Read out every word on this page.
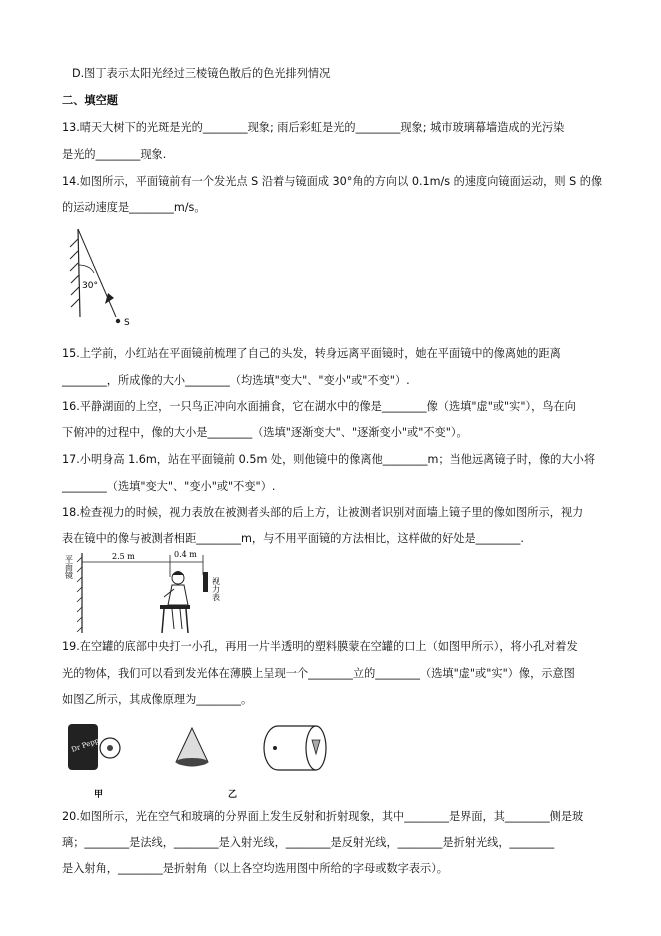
D.图丁表示太阳光经过三棱镜色散后的色光排列情况
二、填空题
13.晴天大树下的光斑是光的________现象; 雨后彩虹是光的________现象; 城市玻璃幕墙造成的光污染
是光的________现象.
14.如图所示，平面镜前有一个发光点 S 沿着与镜面成 30°角的方向以 0.1m/s 的速度向镜面运动，则 S 的像
的运动速度是________m/s。
30°
S
15.上学前，小红站在平面镜前梳理了自己的头发，转身远离平面镜时，她在平面镜中的像离她的距离
________，所成像的大小________（均选填"变大"、"变小"或"不变"）.
16.平静湖面的上空，一只鸟正冲向水面捕食，它在湖水中的像是________像（选填"虚"或"实"），鸟在向
下俯冲的过程中，像的大小是________（选填"逐渐变大"、"逐渐变小"或"不变"）。
17.小明身高 1.6m，站在平面镜前 0.5m 处，则他镜中的像离他________m；当他远离镜子时，像的大小将
________（选填"变大"、"变小"或"不变"）.
18.检查视力的时候，视力表放在被测者头部的后上方，让被测者识别对面墙上镜子里的像如图所示，视力
表在镜中的像与被测者相距________m，与不用平面镜的方法相比，这样做的好处是________.
平面镜	2.5 m	0.4 m
视力表
19.在空罐的底部中央打一小孔，再用一片半透明的塑料膜蒙在空罐的口上（如图甲所示），将小孔对着发
光的物体，我们可以看到发光体在薄膜上呈现一个________立的________（选填"虚"或"实"）像，示意图
如图乙所示，其成像原理为________。
Dr Pepper
甲	乙
20.如图所示，光在空气和玻璃的分界面上发生反射和折射现象，其中________是界面，其________侧是玻
璃；________是法线，________是入射光线，________是反射光线，________是折射光线，________
是入射角，________是折射角（以上各空均选用图中所给的字母或数字表示）。
